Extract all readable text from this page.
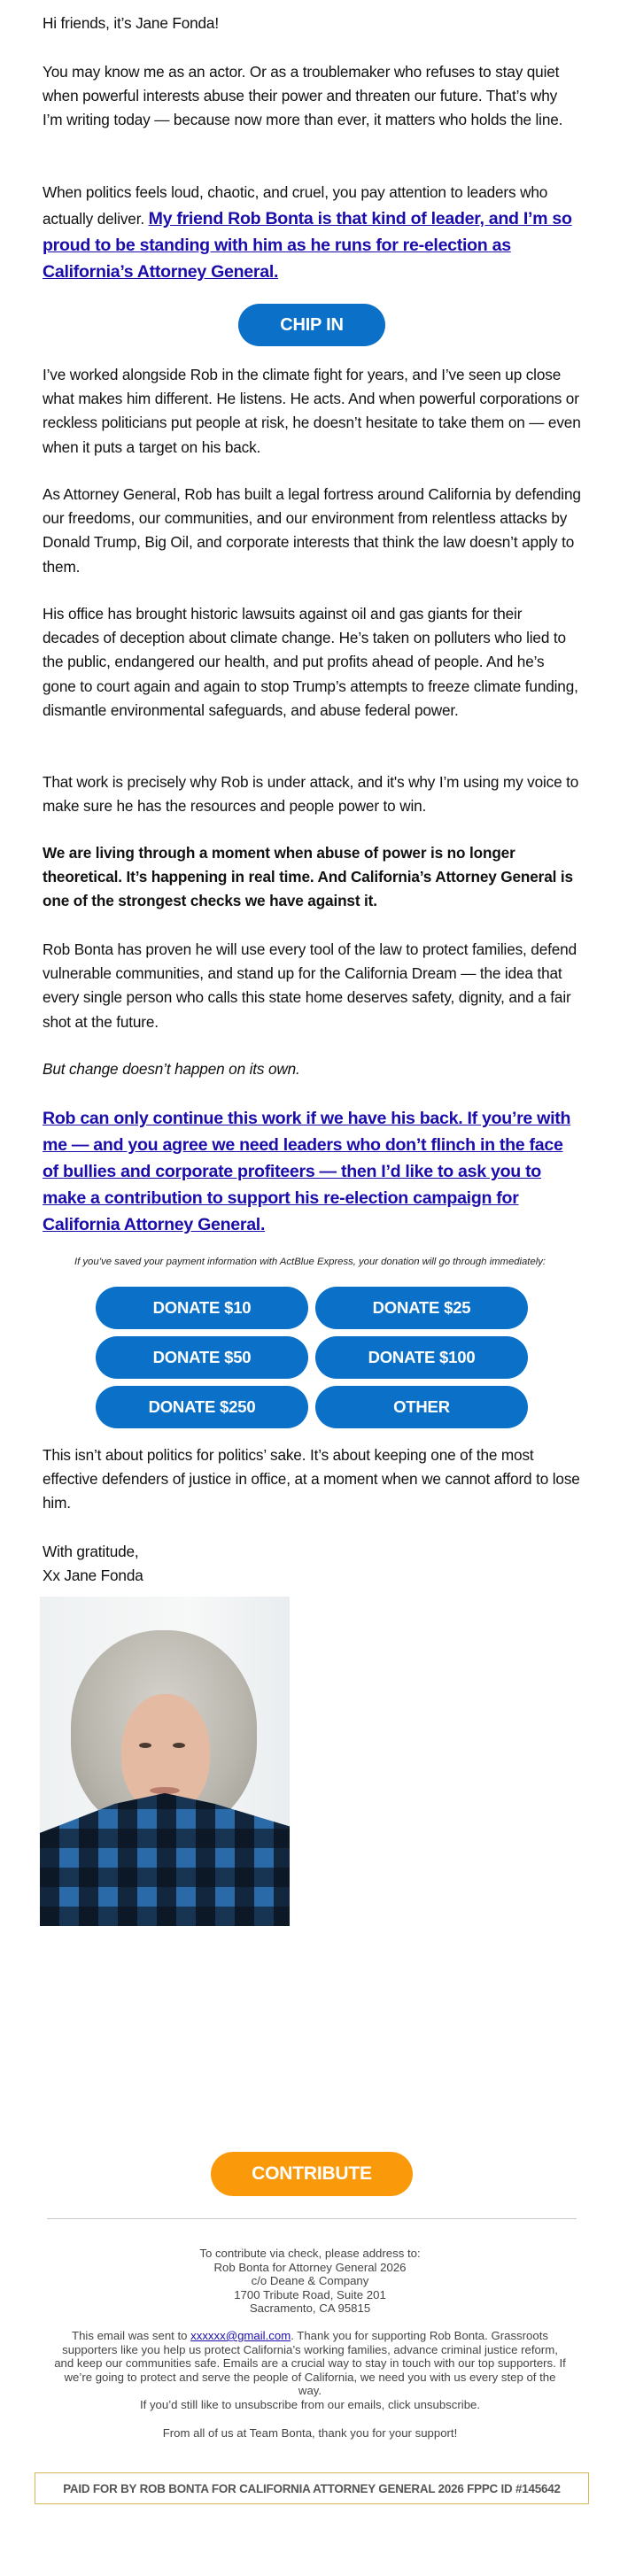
Hi friends, it’s Jane Fonda!

You may know me as an actor. Or as a troublemaker who refuses to stay quiet when powerful interests abuse their power and threaten our future. That’s why I’m writing today — because now more than ever, it matters who holds the line.

When politics feels loud, chaotic, and cruel, you pay attention to leaders who actually deliver. My friend Rob Bonta is that kind of leader, and I’m so proud to be standing with him as he runs for re-election as California’s Attorney General.

CHIP IN

I’ve worked alongside Rob in the climate fight for years, and I’ve seen up close what makes him different. He listens. He acts. And when powerful corporations or reckless politicians put people at risk, he doesn’t hesitate to take them on — even when it puts a target on his back.

As Attorney General, Rob has built a legal fortress around California by defending our freedoms, our communities, and our environment from relentless attacks by Donald Trump, Big Oil, and corporate interests that think the law doesn’t apply to them.

His office has brought historic lawsuits against oil and gas giants for their decades of deception about climate change. He’s taken on polluters who lied to the public, endangered our health, and put profits ahead of people. And he’s gone to court again and again to stop Trump’s attempts to freeze climate funding, dismantle environmental safeguards, and abuse federal power.

That work is precisely why Rob is under attack, and it's why I’m using my voice to make sure he has the resources and people power to win.

We are living through a moment when abuse of power is no longer theoretical. It’s happening in real time. And California’s Attorney General is one of the strongest checks we have against it.

Rob Bonta has proven he will use every tool of the law to protect families, defend vulnerable communities, and stand up for the California Dream — the idea that every single person who calls this state home deserves safety, dignity, and a fair shot at the future.

But change doesn’t happen on its own.

Rob can only continue this work if we have his back. If you’re with me — and you agree we need leaders who don’t flinch in the face of bullies and corporate profiteers — then I’d like to ask you to make a contribution to support his re-election campaign for California Attorney General.

If you’ve saved your payment information with ActBlue Express, your donation will go through immediately:
DONATE $10	DONATE $25
DONATE $50	DONATE $100
DONATE $250	OTHER

This isn’t about politics for politics’ sake. It’s about keeping one of the most effective defenders of justice in office, at a moment when we cannot afford to lose him.

With gratitude,

Xx Jane Fonda

CONTRIBUTE
To contribute via check, please address to:
Rob Bonta for Attorney General 2026
c/o Deane & Company
1700 Tribute Road, Suite 201
Sacramento, CA 95815

This email was sent to xxxxxx@gmail.com. Thank you for supporting Rob Bonta. Grassroots supporters like you help us protect California’s working families, advance criminal justice reform, and keep our communities safe. Emails are a crucial way to stay in touch with our top supporters. If we’re going to protect and serve the people of California, we need you with us every step of the way.

If you’d still like to unsubscribe from our emails, click unsubscribe.

From all of us at Team Bonta, thank you for your support!

PAID FOR BY ROB BONTA FOR CALIFORNIA ATTORNEY GENERAL 2026 FPPC ID #145642
